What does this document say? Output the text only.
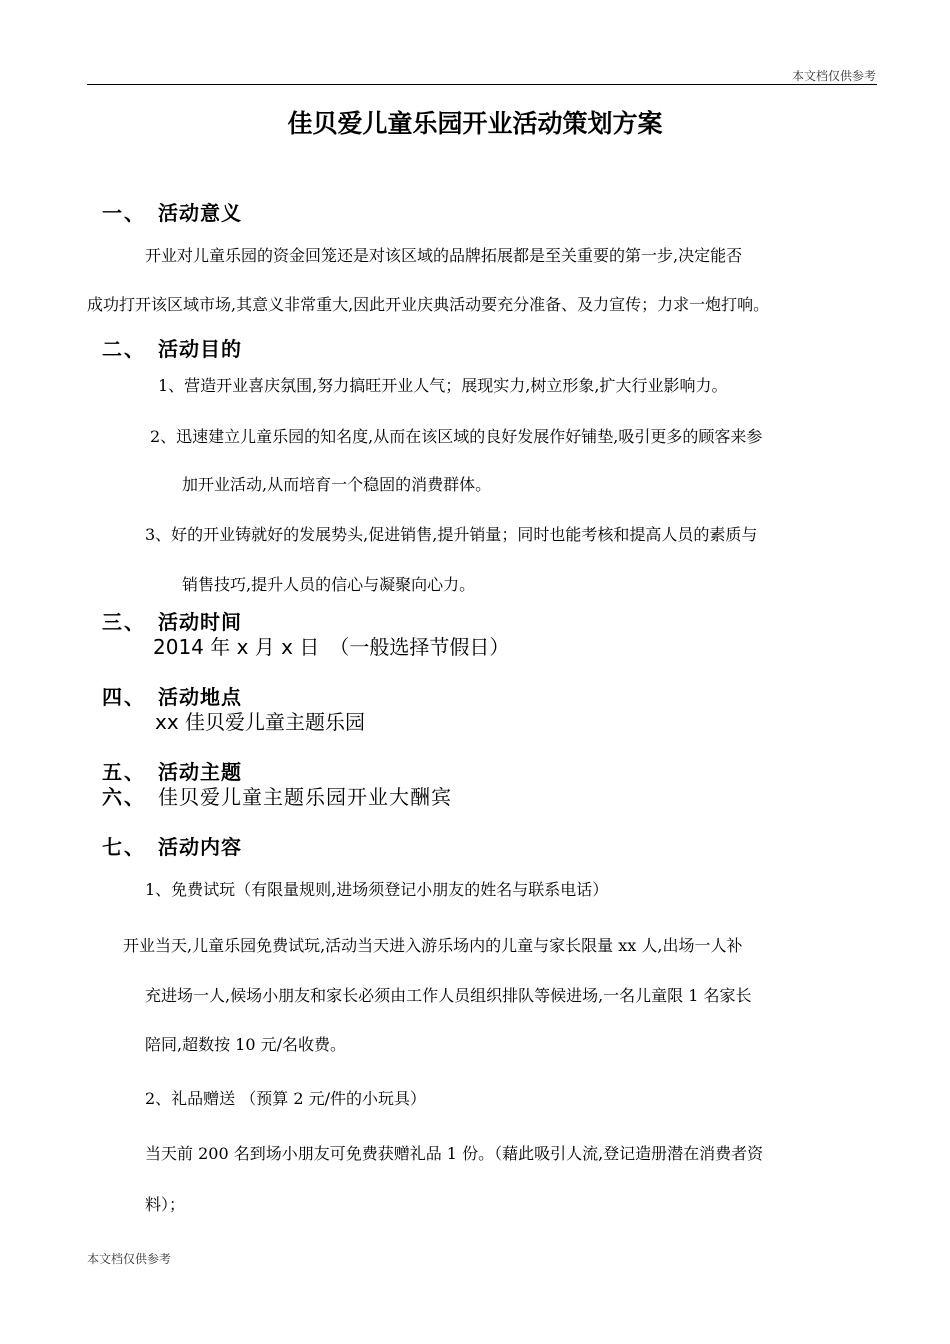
本文档仅供参考
佳贝爱儿童乐园开业活动策划方案
一、 活动意义
开业对儿童乐园的资金回笼还是对该区域的品牌拓展都是至关重要的第一步,决定能否
成功打开该区域市场,其意义非常重大,因此开业庆典活动要充分准备、及力宣传；力求一炮打响。
二、 活动目的
1、营造开业喜庆氛围,努力搞旺开业人气；展现实力,树立形象,扩大行业影响力。
2、迅速建立儿童乐园的知名度,从而在该区域的良好发展作好铺垫,吸引更多的顾客来参
加开业活动,从而培育一个稳固的消费群体。
3、好的开业铸就好的发展势头,促进销售,提升销量；同时也能考核和提高人员的素质与
销售技巧,提升人员的信心与凝聚向心力。
三、 活动时间
2014 年 x 月 x 日　（一般选择节假日）
四、 活动地点
xx 佳贝爱儿童主题乐园
五、 活动主题
六、 佳贝爱儿童主题乐园开业大酬宾
七、 活动内容
1、免费试玩（有限量规则,进场须登记小朋友的姓名与联系电话）
开业当天,儿童乐园免费试玩,活动当天进入游乐场内的儿童与家长限量 xx 人,出场一人补
充进场一人,候场小朋友和家长必须由工作人员组织排队等候进场,一名儿童限 1 名家长
陪同,超数按 10 元/名收费。
2、礼品赠送 （预算 2 元/件的小玩具）
当天前 200 名到场小朋友可免费获赠礼品 1 份。（藉此吸引人流,登记造册潜在消费者资
料）；
本文档仅供参考
